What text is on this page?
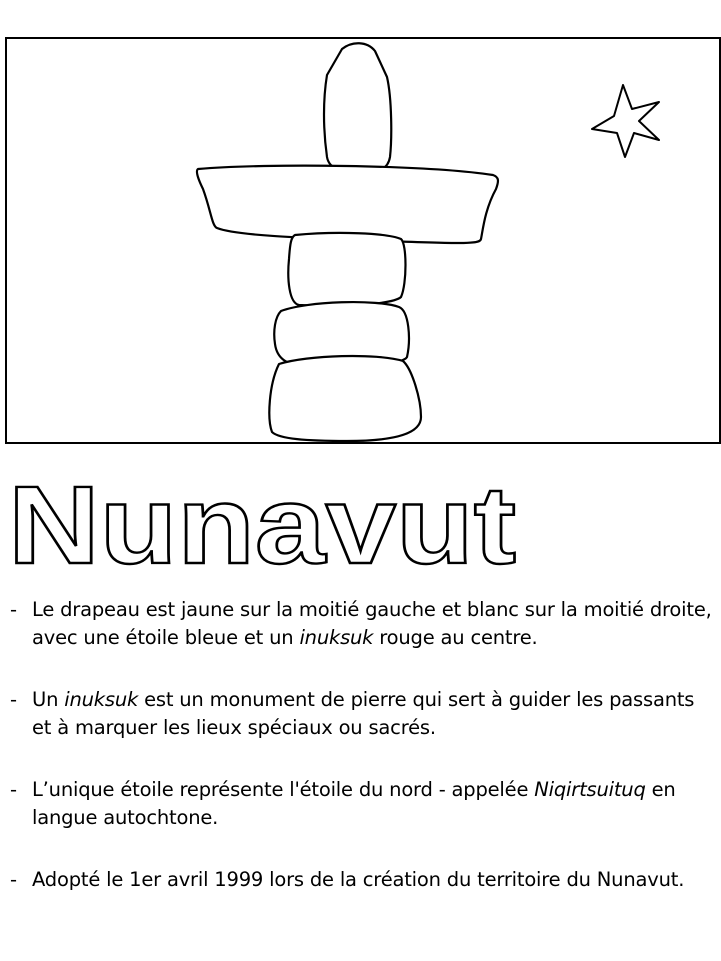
Nunavut
- Le drapeau est jaune sur la moitié gauche et blanc sur la moitié droite, avec une étoile bleue et un inuksuk rouge au centre.
- Un inuksuk est un monument de pierre qui sert à guider les passants et à marquer les lieux spéciaux ou sacrés.
- L’unique étoile représente l'étoile du nord - appelée Niqirtsuituq en langue autochtone.
- Adopté le 1er avril 1999 lors de la création du territoire du Nunavut.
